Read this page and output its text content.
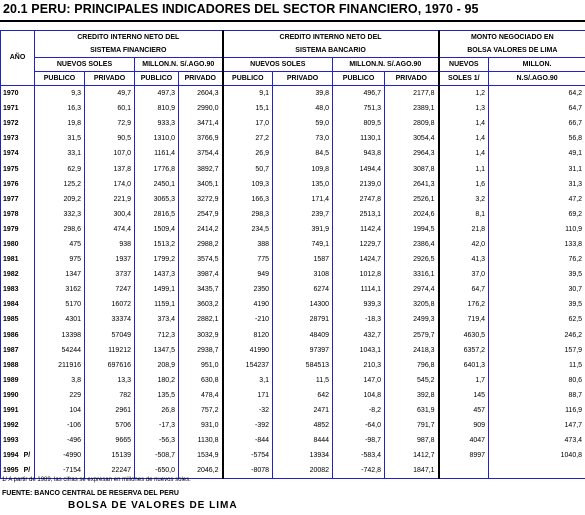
20.1 PERU: PRINCIPALES INDICADORES DEL SECTOR FINANCIERO, 1970 - 95
AÑO	CREDITO INTERNO NETO DEL				CREDITO INTERNO NETO DEL				MONTO NEGOCIADO EN	
	SISTEMA FINANCIERO				SISTEMA BANCARIO				BOLSA VALORES DE LIMA	
	NUEVOS SOLES		MILLON.N. S/.AGO.90		NUEVOS SOLES		MILLON.N. S/.AGO.90		NUEVOS	MILLON.
	PUBLICO	PRIVADO	PUBLICO	PRIVADO	PUBLICO	PRIVADO	PUBLICO	PRIVADO	SOLES 1/	N.S/.AGO.90
1970	9,3	49,7	497,3	2604,3	9,1	39,8	496,7	2177,8	1,2	64,2
1971	16,3	60,1	810,9	2990,0	15,1	48,0	751,3	2389,1	1,3	64,7
1972	19,8	72,9	933,3	3471,4	17,0	59,0	809,5	2809,8	1,4	66,7
1973	31,5	90,5	1310,0	3766,9	27,2	73,0	1130,1	3054,4	1,4	56,8
1974	33,1	107,0	1161,4	3754,4	26,9	84,5	943,8	2964,3	1,4	49,1
1975	62,9	137,8	1776,8	3892,7	50,7	109,8	1494,4	3087,8	1,1	31,1
1976	125,2	174,0	2450,1	3405,1	109,3	135,0	2139,0	2641,3	1,6	31,3
1977	209,2	221,9	3065,3	3272,9	166,3	171,4	2747,8	2526,1	3,2	47,2
1978	332,3	300,4	2816,5	2547,9	298,3	239,7	2513,1	2024,6	8,1	69,2
1979	298,6	474,4	1509,4	2414,2	234,5	391,9	1142,4	1994,5	21,8	110,9
1980	475	938	1513,2	2988,2	388	749,1	1229,7	2386,4	42,0	133,8
1981	975	1937	1799,2	3574,5	775	1587	1424,7	2926,5	41,3	76,2
1982	1347	3737	1437,3	3987,4	949	3108	1012,8	3316,1	37,0	39,5
1983	3162	7247	1499,1	3435,7	2350	6274	1114,1	2974,4	64,7	30,7
1984	5170	16072	1159,1	3603,2	4190	14300	939,3	3205,8	176,2	39,5
1985	4301	33374	373,4	2882,1	-210	28791	-18,3	2499,3	719,4	62,5
1986	13398	57049	712,3	3032,9	8120	48409	432,7	2579,7	4630,5	246,2
1987	54244	119212	1347,5	2938,7	41990	97397	1043,1	2418,3	6357,2	157,9
1988	211916	697616	208,9	951,0	154237	584513	210,3	796,8	6401,3	11,5
1989	3,8	13,3	180,2	630,8	3,1	11,5	147,0	545,2	1,7	80,6
1990	229	782	135,5	478,4	171	642	104,8	392,8	145	88,7
1991	104	2961	26,8	757,2	-32	2471	-8,2	631,9	457	116,9
1992	-106	5706	-17,3	931,0	-392	4852	-64,0	791,7	909	147,7
1993	-496	9665	-56,3	1130,8	-844	8444	-98,7	987,8	4047	473,4
1994 P/	-4990	15139	-508,7	1534,9	-5754	13934	-583,4	1412,7	8997	1040,8
1995 P/	-7154	22247	-650,0	2046,2	-8078	20082	-742,8	1847,1		
1/ A partir de 1989, las cifras se expresan en millones de nuevos soles.
FUENTE: BANCO CENTRAL DE RESERVA DEL PERU
BOLSA DE VALORES DE LIMA
